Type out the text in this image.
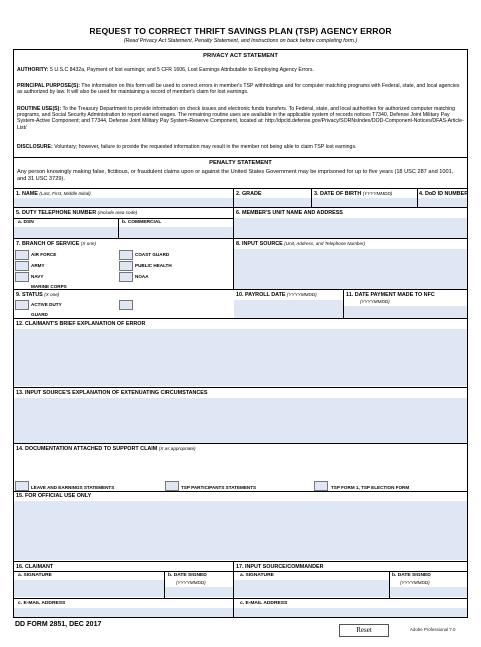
REQUEST TO CORRECT THRIFT SAVINGS PLAN (TSP) AGENCY ERROR
(Read Privacy Act Statement, Penalty Statement, and Instructions on back before completing form.)
PRIVACY ACT STATEMENT
AUTHORITY: 5 U.S.C 8432a, Payment of lost earnings; and 5 CFR 1606, Lost Earnings Attributable to Employing Agency Errors.
PRINCIPAL PURPOSE(S): The information on this form will be used to correct errors in member's TSP withholdings and for computer matching programs with Federal, state, and local agencies as authorized by law. It will also be used for maintaining a record of member's claim for lost earnings.
ROUTINE USE(S): To the Treasury Department to provide information on check issues and electronic funds transfers. To Federal, state, and local authorities for authorized computer matching programs, and Social Security Administration to report earned wages. The remaining routine uses are available in the applicable system of records notices T7340, Defense Joint Military Pay System-Active Component; and T7344, Defense Joint Military Pay System-Reserve Component, located at: http://dpcld.defense.gov/Privacy/SORNsIndex/DOD-Component-Notices/DFAS-Article-List/
DISCLOSURE: Voluntary; however, failure to provide the requested information may result in the member not being able to claim TSP lost earnings.
PENALTY STATEMENT
Any person knowingly making false, fictitious, or fraudulent claims upon or against the United States Government may be imprisoned for up to five years (18 USC 287 and 1001, and 31 USC 3729).
1. NAME (Last, First, Middle Initial)	2. GRADE	3. DATE OF BIRTH (YYYYMMDD)	4. DoD ID NUMBER
5. DUTY TELEPHONE NUMBER (Include area code)
a. DSN	b. COMMERCIAL
6. MEMBER'S UNIT NAME AND ADDRESS
7. BRANCH OF SERVICE (X one)
AIR FORCE
ARMY
NAVY
MARINE CORPS
COAST GUARD
PUBLIC HEALTH
NOAA
8. INPUT SOURCE (Unit, Address, and Telephone Number)
9. STATUS (X one)
ACTIVE DUTY
GUARD
10. PAYROLL DATE (YYYYMMDD)	11. DATE PAYMENT MADE TO NFC
(YYYYMMDD)
12. CLAIMANT'S BRIEF EXPLANATION OF ERROR
13. INPUT SOURCE'S EXPLANATION OF EXTENUATING CIRCUMSTANCES
14. DOCUMENTATION ATTACHED TO SUPPORT CLAIM (X as appropriate)
LEAVE AND EARNINGS STATEMENTS	TSP PARTICIPANTS STATEMENTS	TSP FORM 1, TSP ELECTION FORM
15. FOR OFFICIAL USE ONLY
16. CLAIMANT	17. INPUT SOURCE/COMMANDER
a. SIGNATURE	b. DATE SIGNED
(YYYYMMDD)
a. SIGNATURE	b. DATE SIGNED
(YYYYMMDD)
c. E-MAIL ADDRESS	c. E-MAIL ADDRESS
DD FORM 2851, DEC 2017
Reset	Adobe Professional 7.0
